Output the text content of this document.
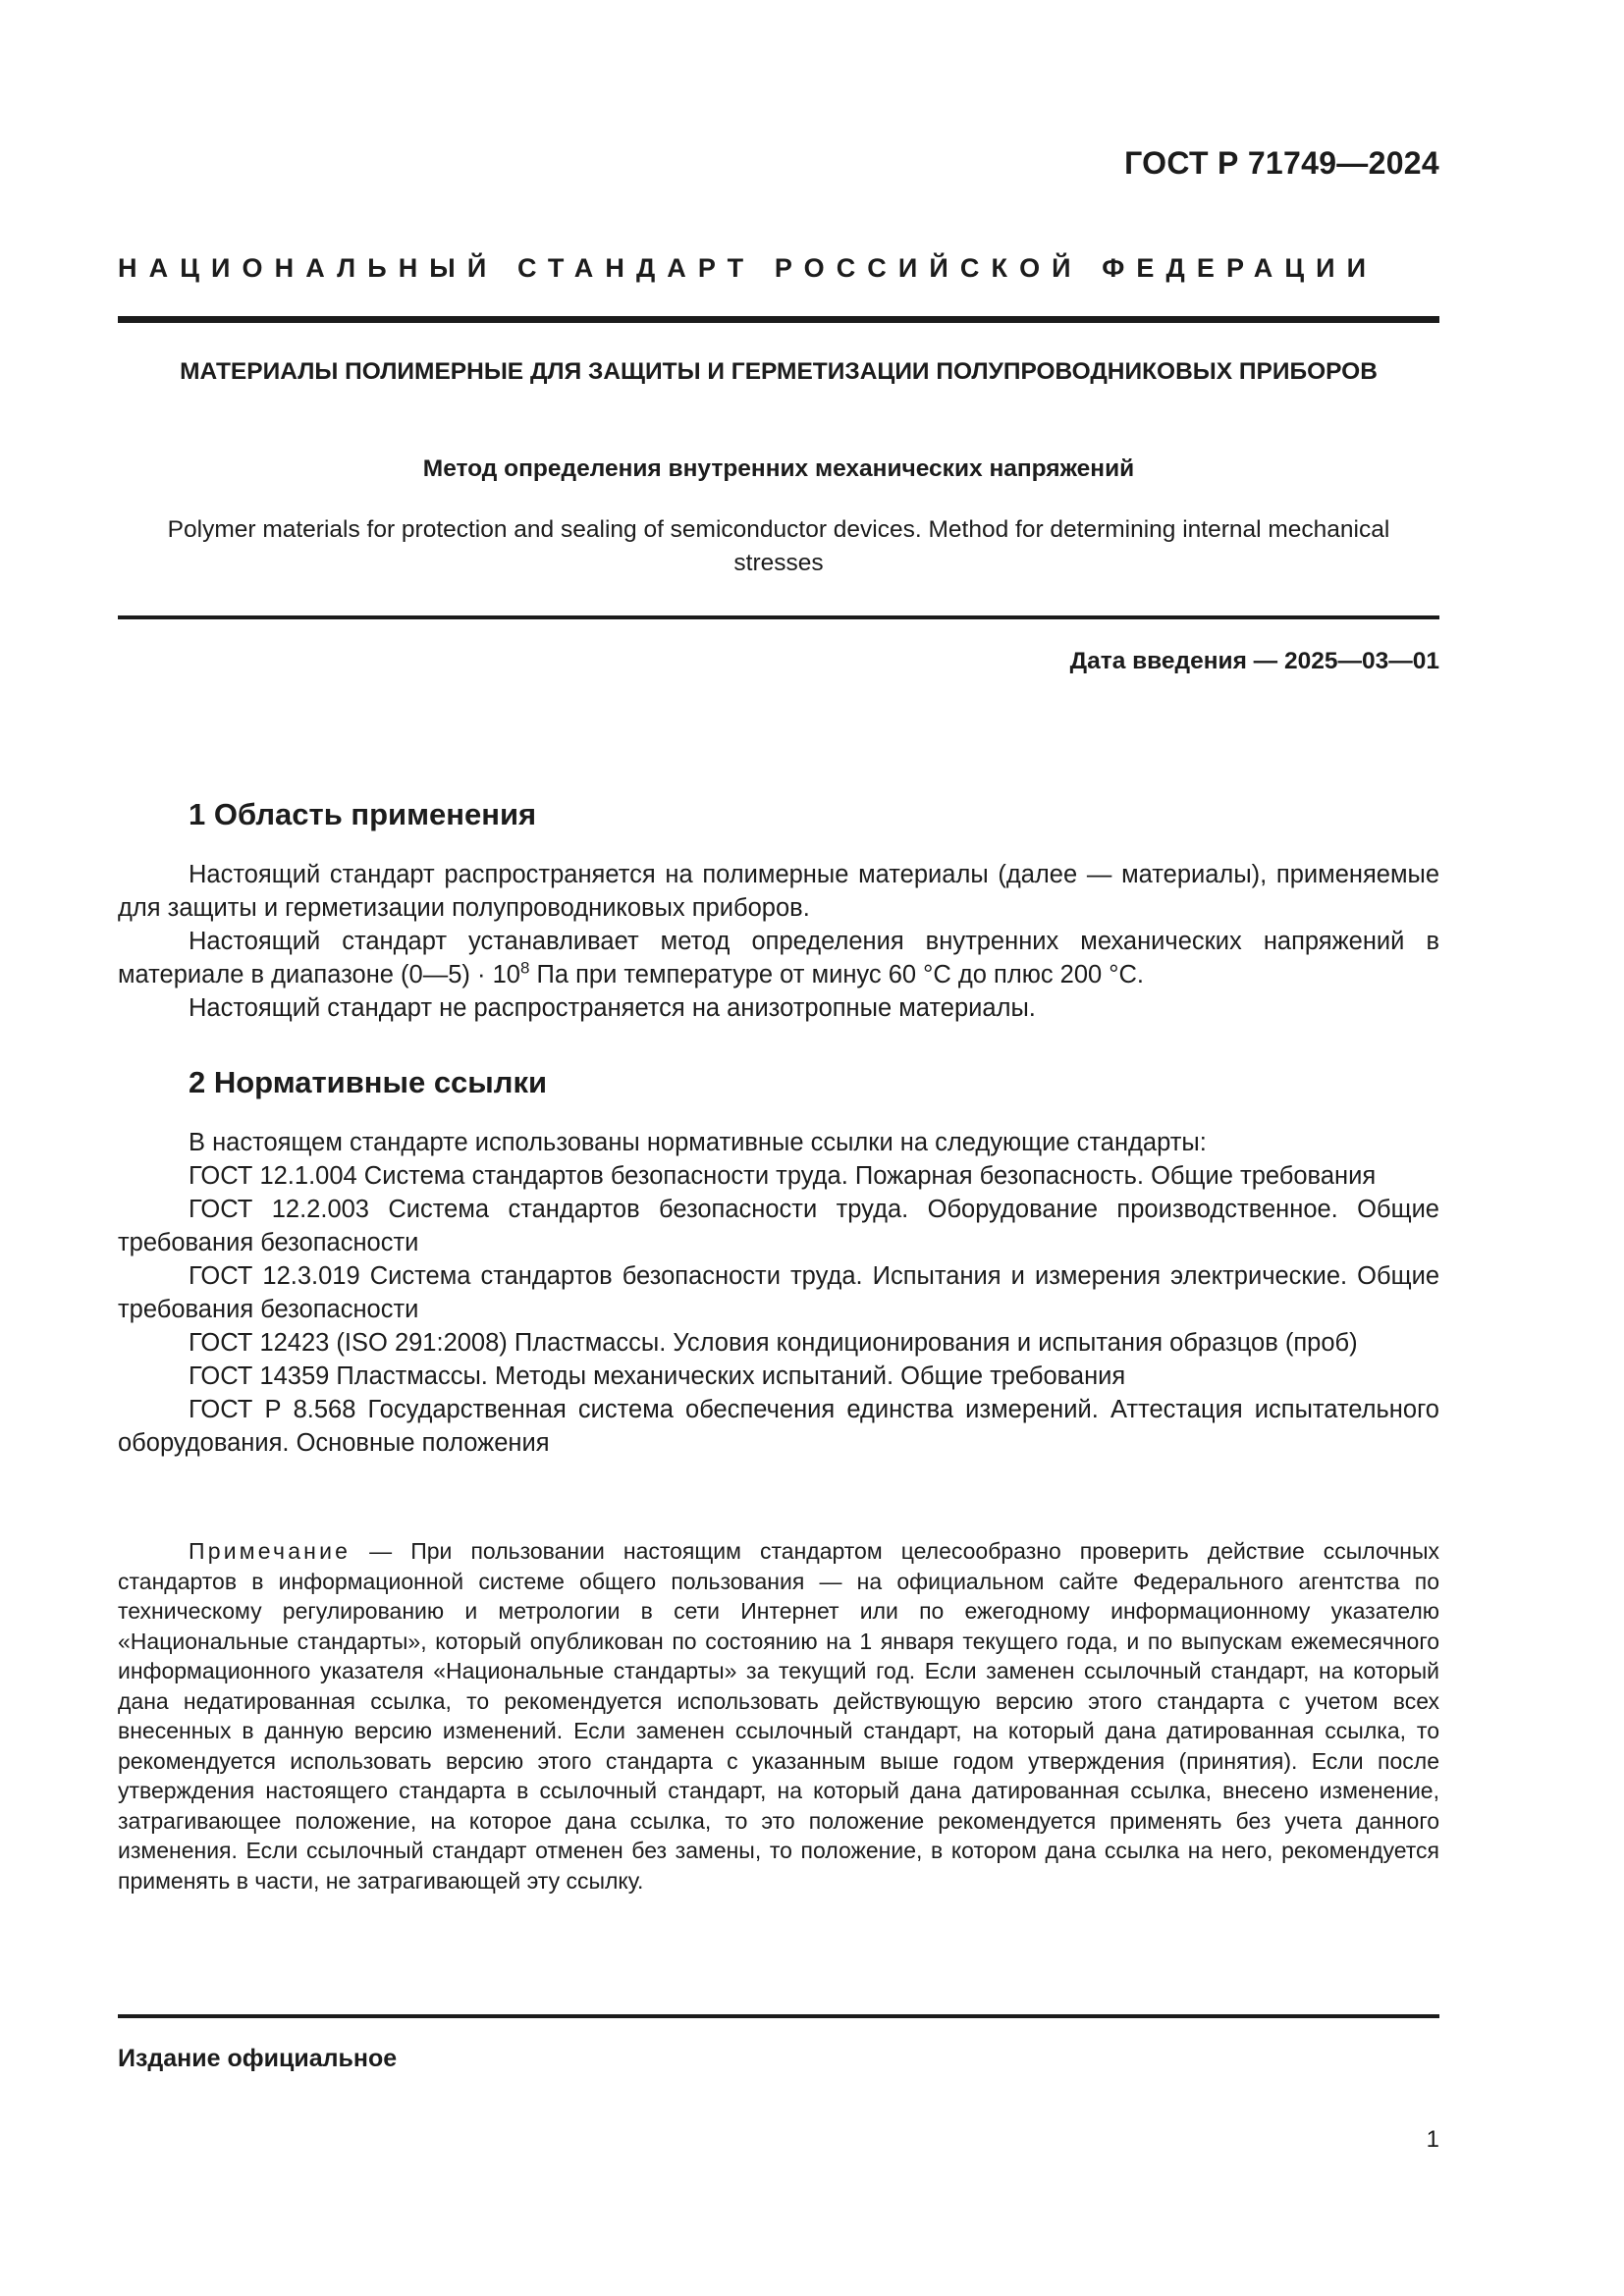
ГОСТ Р 71749—2024
НАЦИОНАЛЬНЫЙ СТАНДАРТ РОССИЙСКОЙ ФЕДЕРАЦИИ
МАТЕРИАЛЫ ПОЛИМЕРНЫЕ ДЛЯ ЗАЩИТЫ И ГЕРМЕТИЗАЦИИ ПОЛУПРОВОДНИКОВЫХ ПРИБОРОВ
Метод определения внутренних механических напряжений
Polymer materials for protection and sealing of semiconductor devices. Method for determining internal mechanical stresses
Дата введения — 2025—03—01
1 Область применения

Настоящий стандарт распространяется на полимерные материалы (далее — материалы), применяемые для защиты и герметизации полупроводниковых приборов.

Настоящий стандарт устанавливает метод определения внутренних механических напряжений в материале в диапазоне (0—5) · $10^8$ Па при температуре от минус 60 °С до плюс 200 °С.

Настоящий стандарт не распространяется на анизотропные материалы.

2 Нормативные ссылки

В настоящем стандарте использованы нормативные ссылки на следующие стандарты:

ГОСТ 12.1.004 Система стандартов безопасности труда. Пожарная безопасность. Общие требования

ГОСТ 12.2.003 Система стандартов безопасности труда. Оборудование производственное. Общие требования безопасности

ГОСТ 12.3.019 Система стандартов безопасности труда. Испытания и измерения электрические. Общие требования безопасности

ГОСТ 12423 (ISO 291:2008) Пластмассы. Условия кондиционирования и испытания образцов (проб)

ГОСТ 14359 Пластмассы. Методы механических испытаний. Общие требования

ГОСТ Р 8.568 Государственная система обеспечения единства измерений. Аттестация испытательного оборудования. Основные положения

Примечание — При пользовании настоящим стандартом целесообразно проверить действие ссылочных стандартов в информационной системе общего пользования — на официальном сайте Федерального агентства по техническому регулированию и метрологии в сети Интернет или по ежегодному информационному указателю «Национальные стандарты», который опубликован по состоянию на 1 января текущего года, и по выпускам ежемесячного информационного указателя «Национальные стандарты» за текущий год. Если заменен ссылочный стандарт, на который дана недатированная ссылка, то рекомендуется использовать действующую версию этого стандарта с учетом всех внесенных в данную версию изменений. Если заменен ссылочный стандарт, на который дана датированная ссылка, то рекомендуется использовать версию этого стандарта с указанным выше годом утверждения (принятия). Если после утверждения настоящего стандарта в ссылочный стандарт, на который дана датированная ссылка, внесено изменение, затрагивающее положение, на которое дана ссылка, то это положение рекомендуется применять без учета данного изменения. Если ссылочный стандарт отменен без замены, то положение, в котором дана ссылка на него, рекомендуется применять в части, не затрагивающей эту ссылку.
Издание официальное
1
